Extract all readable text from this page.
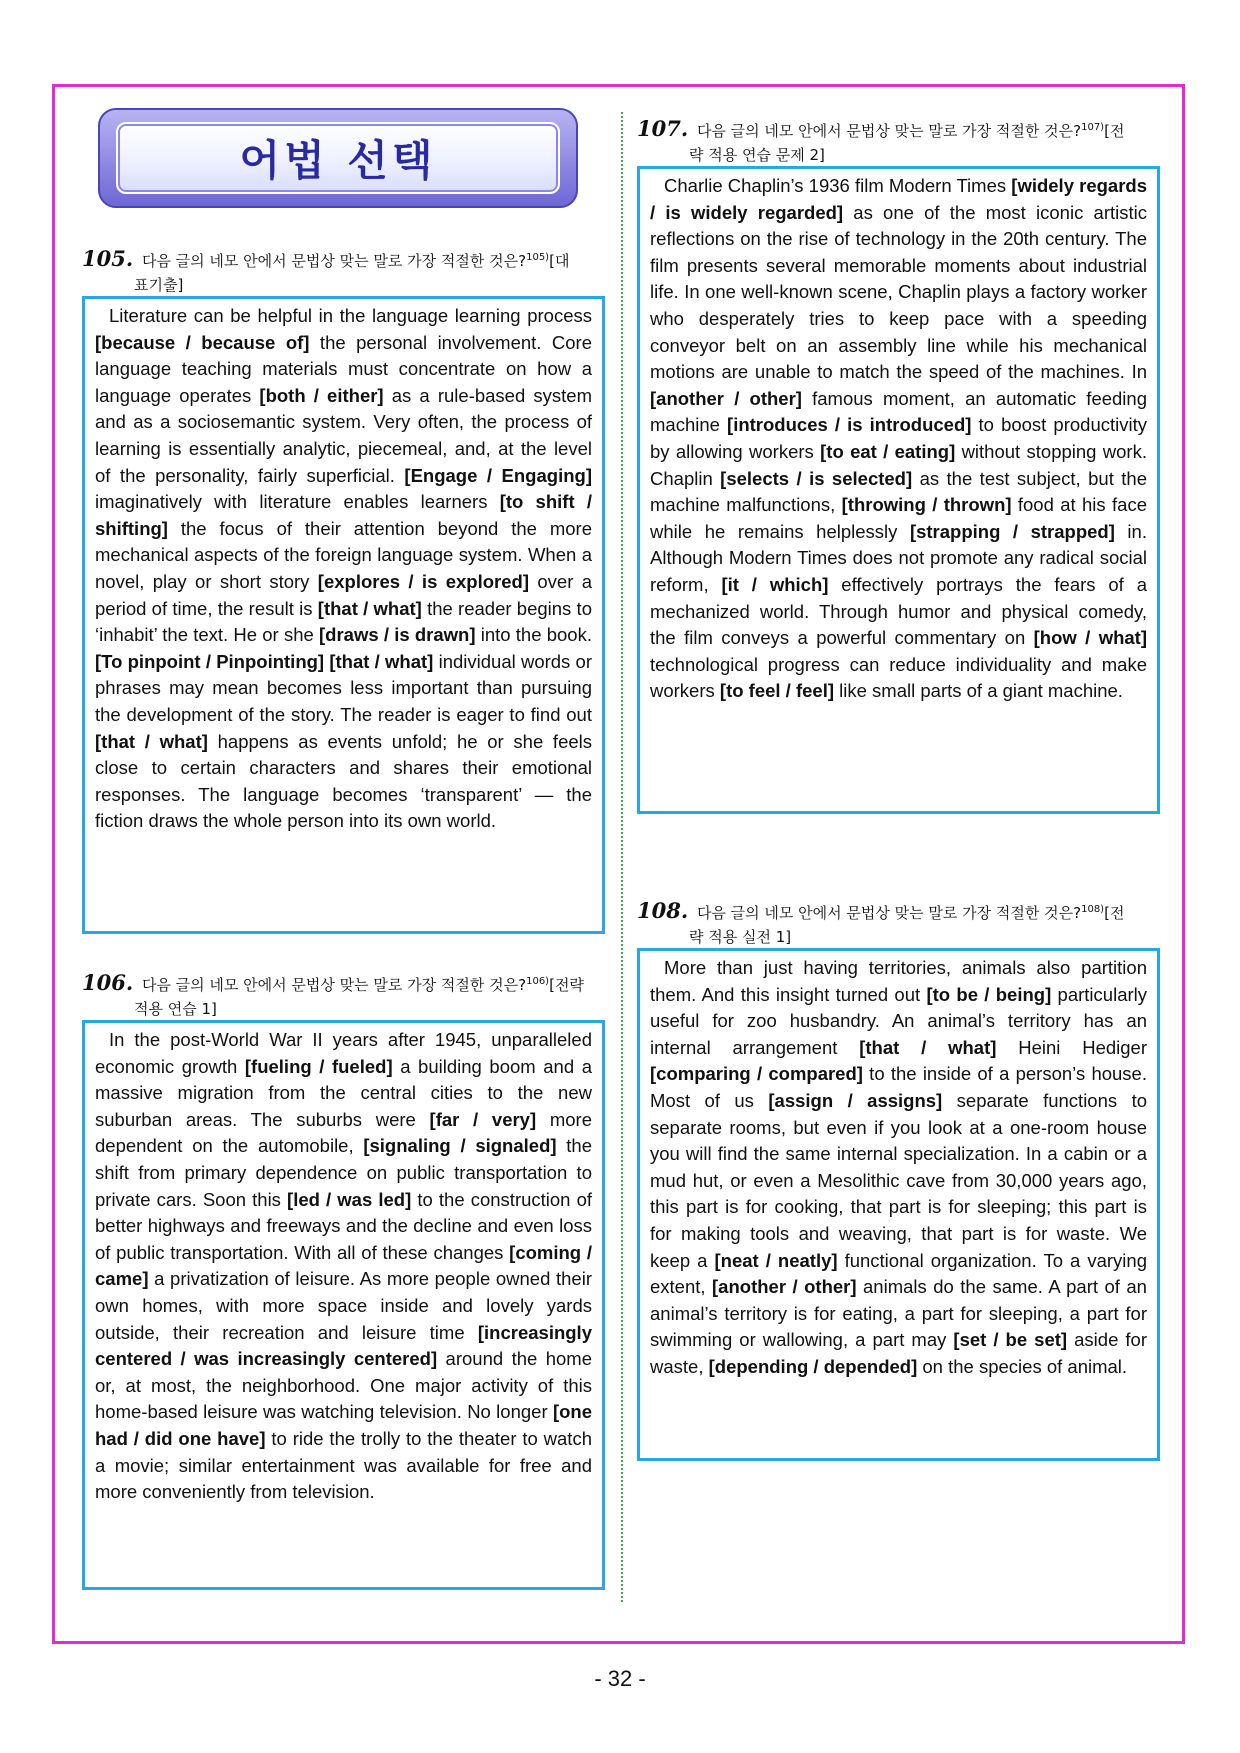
어법 선택
105. 다음 글의 네모 안에서 문법상 맞는 말로 가장 적절한 것은?$^{105)}$[대
표기출]

Literature can be helpful in the language learning process [because / because of] the personal involvement. Core language teaching materials must concentrate on how a language operates [both / either] as a rule-based system and as a sociosemantic system. Very often, the process of learning is essentially analytic, piecemeal, and, at the level of the personality, fairly superficial. [Engage / Engaging] imaginatively with literature enables learners [to shift / shifting] the focus of their attention beyond the more mechanical aspects of the foreign language system. When a novel, play or short story [explores / is explored] over a period of time, the result is [that / what] the reader begins to ‘inhabit’ the text. He or she [draws / is drawn] into the book. [To pinpoint / Pinpointing] [that / what] individual words or phrases may mean becomes less important than pursuing the development of the story. The reader is eager to find out [that / what] happens as events unfold; he or she feels close to certain characters and shares their emotional responses. The language becomes ‘transparent’ — the fiction draws the whole person into its own world.

106. 다음 글의 네모 안에서 문법상 맞는 말로 가장 적절한 것은?$^{106)}$[전략
적용 연습 1]

In the post-World War II years after 1945, unparalleled economic growth [fueling / fueled] a building boom and a massive migration from the central cities to the new suburban areas. The suburbs were [far / very] more dependent on the automobile, [signaling / signaled] the shift from primary dependence on public transportation to private cars. Soon this [led / was led] to the construction of better highways and freeways and the decline and even loss of public transportation. With all of these changes [coming / came] a privatization of leisure. As more people owned their own homes, with more space inside and lovely yards outside, their recreation and leisure time [increasingly centered / was increasingly centered] around the home or, at most, the neighborhood. One major activity of this home-based leisure was watching television. No longer [one had / did one have] to ride the trolly to the theater to watch a movie; similar entertainment was available for free and more conveniently from television.

107. 다음 글의 네모 안에서 문법상 맞는 말로 가장 적절한 것은?$^{107)}$[전
략 적용 연습 문제 2]

Charlie Chaplin’s 1936 film Modern Times [widely regards / is widely regarded] as one of the most iconic artistic reflections on the rise of technology in the 20th century. The film presents several memorable moments about industrial life. In one well-known scene, Chaplin plays a factory worker who desperately tries to keep pace with a speeding conveyor belt on an assembly line while his mechanical motions are unable to match the speed of the machines. In [another / other] famous moment, an automatic feeding machine [introduces / is introduced] to boost productivity by allowing workers [to eat / eating] without stopping work. Chaplin [selects / is selected] as the test subject, but the machine malfunctions, [throwing / thrown] food at his face while he remains helplessly [strapping / strapped] in. Although Modern Times does not promote any radical social reform, [it / which] effectively portrays the fears of a mechanized world. Through humor and physical comedy, the film conveys a powerful commentary on [how / what] technological progress can reduce individuality and make workers [to feel / feel] like small parts of a giant machine.

108. 다음 글의 네모 안에서 문법상 맞는 말로 가장 적절한 것은?$^{108)}$[전
략 적용 실전 1]

More than just having territories, animals also partition them. And this insight turned out [to be / being] particularly useful for zoo husbandry. An animal’s territory has an internal arrangement [that / what] Heini Hediger [comparing / compared] to the inside of a person’s house. Most of us [assign / assigns] separate functions to separate rooms, but even if you look at a one-room house you will find the same internal specialization. In a cabin or a mud hut, or even a Mesolithic cave from 30,000 years ago, this part is for cooking, that part is for sleeping; this part is for making tools and weaving, that part is for waste. We keep a [neat / neatly] functional organization. To a varying extent, [another / other] animals do the same. A part of an animal’s territory is for eating, a part for sleeping, a part for swimming or wallowing, a part may [set / be set] aside for waste, [depending / depended] on the species of animal.

- 32 -
